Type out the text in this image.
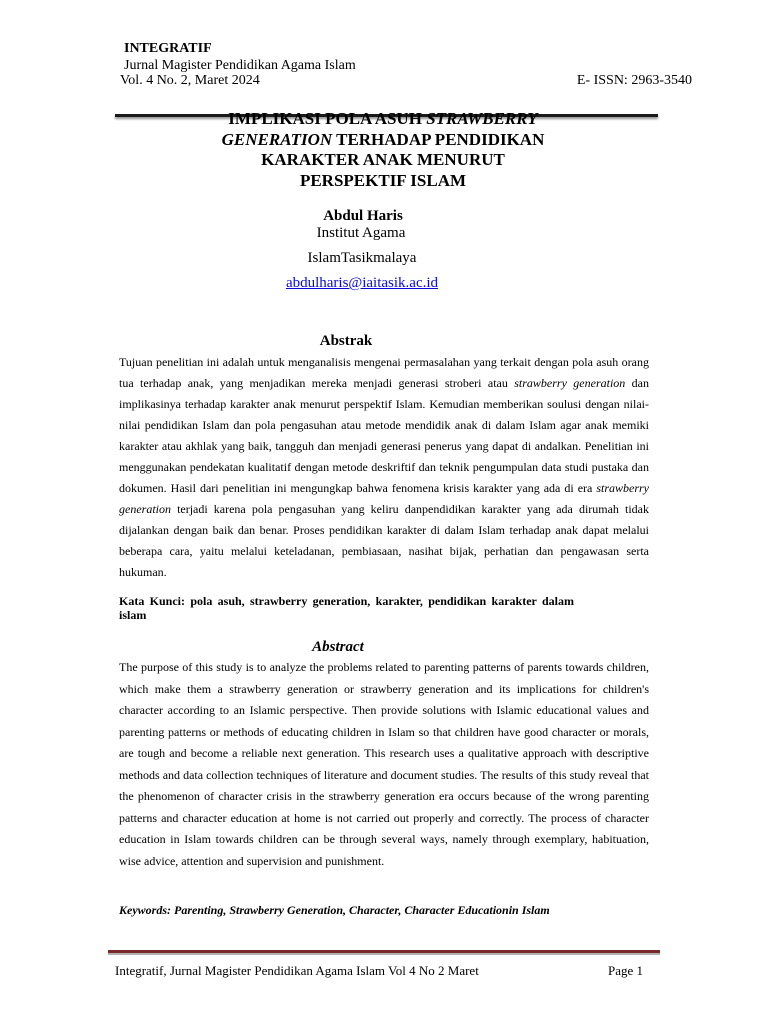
INTEGRATIF
Jurnal Magister Pendidikan Agama Islam
Vol. 4 No. 2, Maret 2024	E- ISSN: 2963-3540
IMPLIKASI POLA ASUH STRAWBERRY
GENERATION TERHADAP PENDIDIKAN
KARAKTER ANAK MENURUT
PERSPEKTIF ISLAM
Abdul Haris
Institut Agama
IslamTasikmalaya
abdulharis@iaitasik.ac.id
Abstrak

Tujuan penelitian ini adalah untuk menganalisis mengenai permasalahan yang terkait dengan pola asuh orang tua terhadap anak, yang menjadikan mereka menjadi generasi stroberi atau strawberry generation dan implikasinya terhadap karakter anak menurut perspektif Islam. Kemudian memberikan soulusi dengan nilai- nilai pendidikan Islam dan pola pengasuhan atau metode mendidik anak di dalam Islam agar anak memiki karakter atau akhlak yang baik, tangguh dan menjadi generasi penerus yang dapat di andalkan. Penelitian ini menggunakan pendekatan kualitatif dengan metode deskriftif dan teknik pengumpulan data studi pustaka dan dokumen. Hasil dari penelitian ini mengungkap bahwa fenomena krisis karakter yang ada di era strawberry generation terjadi karena pola pengasuhan yang keliru danpendidikan karakter yang ada dirumah tidak dijalankan dengan baik dan benar. Proses pendidikan karakter di dalam Islam terhadap anak dapat melalui beberapa cara, yaitu melalui keteladanan, pembiasaan, nasihat bijak, perhatian dan pengawasan serta hukuman.

Kata Kunci: pola asuh, strawberry generation, karakter, pendidikan karakter dalam islam
Abstract

The purpose of this study is to analyze the problems related to parenting patterns of parents towards children, which make them a strawberry generation or strawberry generation and its implications for children's character according to an Islamic perspective. Then provide solutions with Islamic educational values and parenting patterns or methods of educating children in Islam so that children have good character or morals, are tough and become a reliable next generation. This research uses a qualitative approach with descriptive methods and data collection techniques of literature and document studies. The results of this study reveal that the phenomenon of character crisis in the strawberry generation era occurs because of the wrong parenting patterns and character education at home is not carried out properly and correctly. The process of character education in Islam towards children can be through several ways, namely through exemplary, habituation, wise advice, attention and supervision and punishment.

Keywords: Parenting, Strawberry Generation, Character, Character Educationin Islam
Integratif, Jurnal Magister Pendidikan Agama Islam Vol 4 No 2 Maret	Page 1
